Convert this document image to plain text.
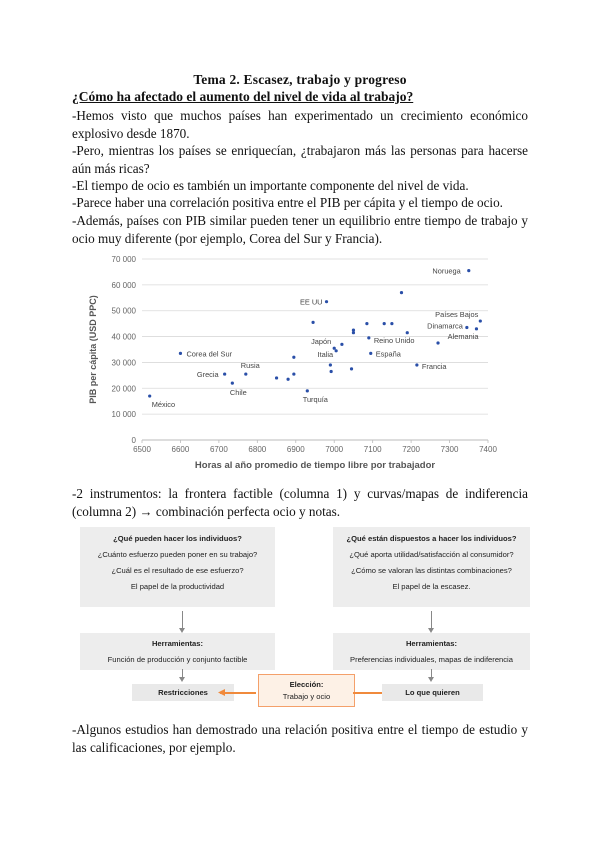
Tema 2. Escasez, trabajo y progreso
¿Cómo ha afectado el aumento del nivel de vida al trabajo?
-Hemos visto que muchos países han experimentado un crecimiento económico explosivo desde 1870.
-Pero, mientras los países se enriquecían, ¿trabajaron más las personas para hacerse aún más ricas?
-El tiempo de ocio es también un importante componente del nivel de vida.
-Parece haber una correlación positiva entre el PIB per cápita y el tiempo de ocio.
-Además, países con PIB similar pueden tener un equilibrio entre tiempo de trabajo y ocio muy diferente (por ejemplo, Corea del Sur y Francia).
0
10 000
20 000
30 000
40 000
50 000
60 000
70 000
6500	6600	6700	6800	6900	7000	7100	7200	7300	7400
México
Corea del Sur
Grecia
Chile
Rusia
Turquía
EE UU
Japón
Italia
Reino Unido
España
Francia
Dinamarca
Noruega
Alemania
Países Bajos
Horas al año promedio de tiempo libre por trabajador
PIB per cápita (USD PPC)
-2 instrumentos: la frontera factible (columna 1) y curvas/mapas de indiferencia (columna 2) → combinación perfecta ocio y notas.
¿Qué pueden hacer los individuos?
¿Cuánto esfuerzo pueden poner en su trabajo?
¿Cuál es el resultado de ese esfuerzo?
El papel de la productividad
¿Qué están dispuestos a hacer los individuos?
¿Qué aporta utilidad/satisfacción al consumidor?
¿Cómo se valoran las distintas combinaciones?
El papel de la escasez.
Herramientas:
Función de producción y conjunto factible
Herramientas:
Preferencias individuales, mapas de indiferencia
Restricciones
Elección:
Trabajo y ocio	Lo que quieren
-Algunos estudios han demostrado una relación positiva entre el tiempo de estudio y las calificaciones, por ejemplo.
